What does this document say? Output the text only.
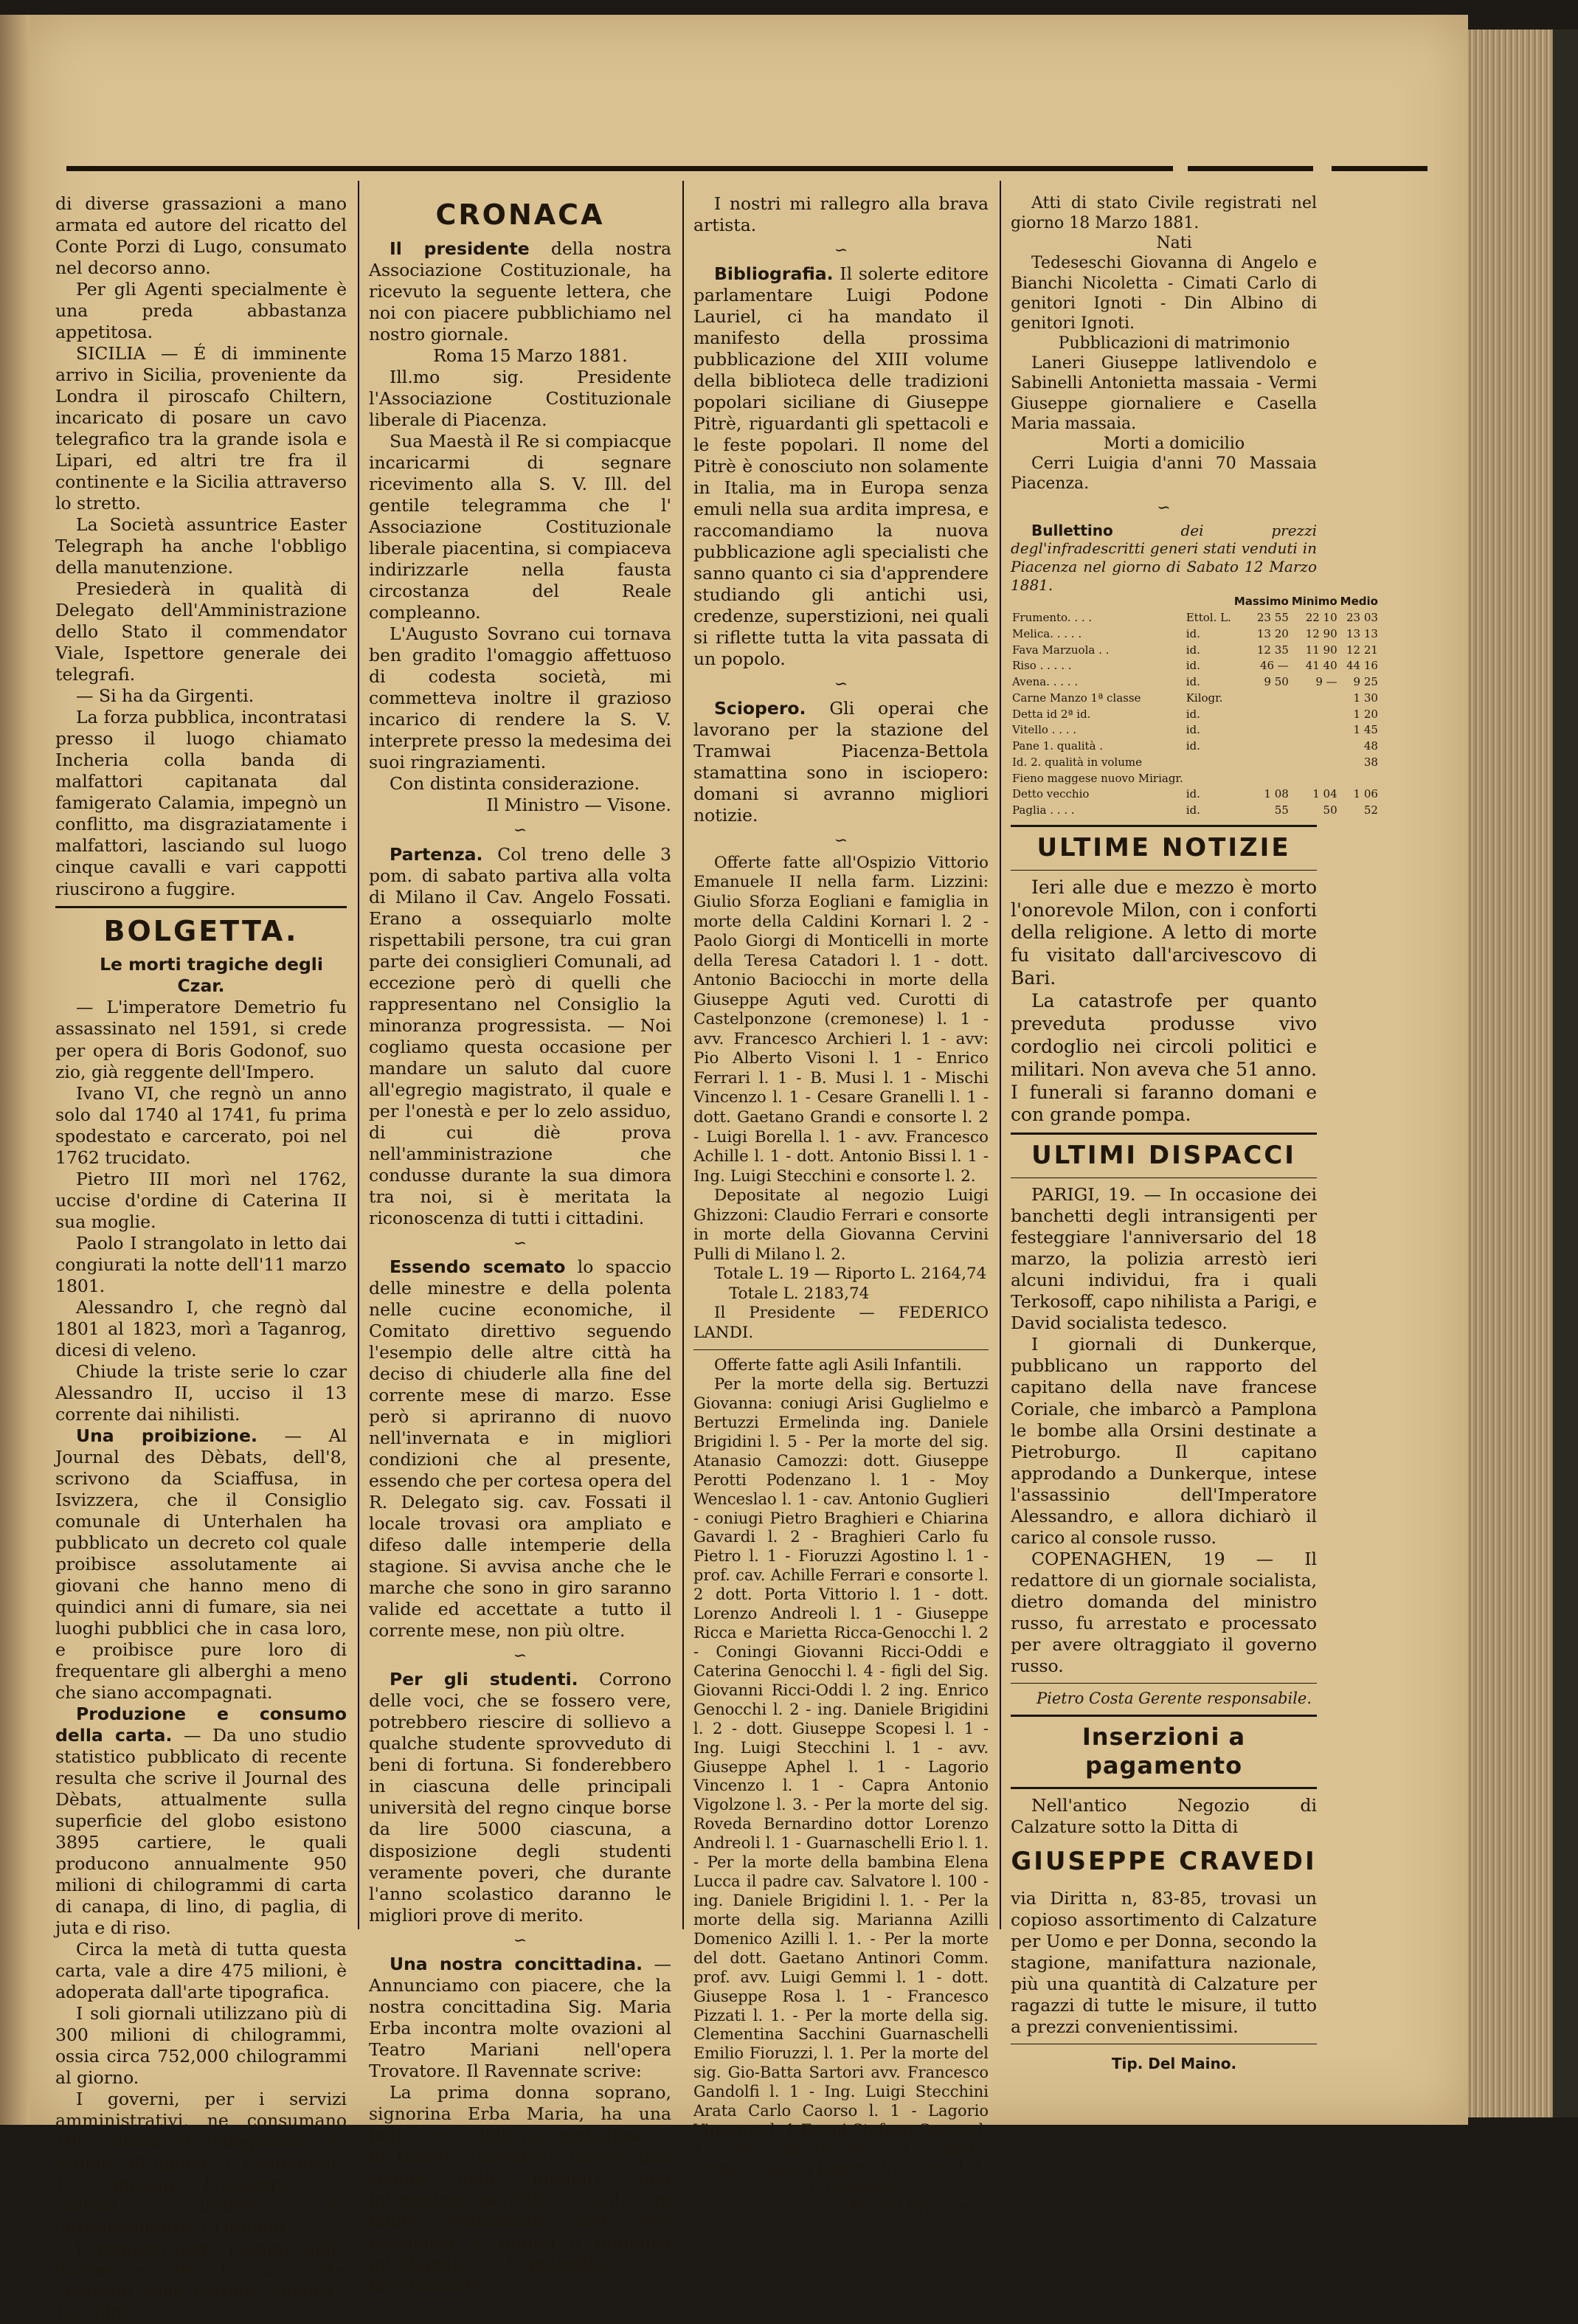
di diverse grassazioni a mano armata ed autore del ricatto del Conte Porzi di Lugo, consumato nel decorso anno.

Per gli Agenti specialmente è una preda abbastanza appetitosa.

SICILIA — É di imminente arrivo in Sicilia, proveniente da Londra il piroscafo Chiltern, incaricato di posare un cavo telegrafico tra la grande isola e Lipari, ed altri tre fra il continente e la Sicilia attraverso lo stretto.

La Società assuntrice Easter Telegraph ha anche l'obbligo della manutenzione.

Presiederà in qualità di Delegato dell'Amministrazione dello Stato il commendator Viale, Ispettore generale dei telegrafi.

— Si ha da Girgenti.

La forza pubblica, incontratasi presso il luogo chiamato Incheria colla banda di malfattori capitanata dal famigerato Calamia, impegnò un conflitto, ma disgraziatamente i malfattori, lasciando sul luogo cinque cavalli e vari cappotti riuscirono a fuggire.

BOLGETTA.

Le morti tragiche degli Czar.

— L'imperatore Demetrio fu assassinato nel 1591, si crede per opera di Boris Godonof, suo zio, già reggente dell'Impero.

Ivano VI, che regnò un anno solo dal 1740 al 1741, fu prima spodestato e carcerato, poi nel 1762 trucidato.

Pietro III morì nel 1762, uccise d'ordine di Caterina II sua moglie.

Paolo I strangolato in letto dai congiurati la notte dell'11 marzo 1801.

Alessandro I, che regnò dal 1801 al 1823, morì a Taganrog, dicesi di veleno.

Chiude la triste serie lo czar Alessandro II, ucciso il 13 corrente dai nihilisti.

Una proibizione. — Al Journal des Dèbats, dell'8, scrivono da Sciaffusa, in Isvizzera, che il Consiglio comunale di Unterhalen ha pubblicato un decreto col quale proibisce assolutamente ai giovani che hanno meno di quindici anni di fumare, sia nei luoghi pubblici che in casa loro, e proibisce pure loro di frequentare gli alberghi a meno che siano accompagnati.

Produzione e consumo della carta. — Da uno studio statistico pubblicato di recente resulta che scrive il Journal des Dèbats, attualmente sulla superficie del globo esistono 3895 cartiere, le quali producono annualmente 950 milioni di chilogrammi di carta di canapa, di lino, di paglia, di juta e di riso.

Circa la metà di tutta questa carta, vale a dire 475 milioni, è adoperata dall'arte tipografica.

I soli giornali utilizzano più di 300 milioni di chilogrammi, ossia circa 752,000 chilogrammi al giorno.

I governi, per i servizi amministrativi, ne consumano 100 milioni di chilogrammi; le scuole, 90 milioni; il commercio, 120 milioni; l'industria, 90 milioni, le lettere e le corrispondenze 50 milioni.

Il numero degli uomini, delle donne e dei fanciulli che lavorano nelle cartiere supera i 190,000.

CRONACA

Il presidente della nostra Associazione Costituzionale, ha ricevuto la seguente lettera, che noi con piacere pubblichiamo nel nostro giornale.

Roma 15 Marzo 1881.

Ill.mo sig. Presidente l'Associazione Costituzionale liberale di Piacenza.

Sua Maestà il Re si compiacque incaricarmi di segnare ricevimento alla S. V. Ill. del gentile telegramma che l' Associazione Costituzionale liberale piacentina, si compiaceva indirizzarle nella fausta circostanza del Reale compleanno.

L'Augusto Sovrano cui tornava ben gradito l'omaggio affettuoso di codesta società, mi commetteva inoltre il grazioso incarico di rendere la S. V. interprete presso la medesima dei suoi ringraziamenti.

Con distinta considerazione.

Il Ministro — Visone.

∽

Partenza. Col treno delle 3 pom. di sabato partiva alla volta di Milano il Cav. Angelo Fossati. Erano a ossequiarlo molte rispettabili persone, tra cui gran parte dei consiglieri Comunali, ad eccezione però di quelli che rappresentano nel Consiglio la minoranza progressista. — Noi cogliamo questa occasione per mandare un saluto dal cuore all'egregio magistrato, il quale e per l'onestà e per lo zelo assiduo, di cui diè prova nell'amministrazione che condusse durante la sua dimora tra noi, si è meritata la riconoscenza di tutti i cittadini.

∽

Essendo scemato lo spaccio delle minestre e della polenta nelle cucine economiche, il Comitato direttivo seguendo l'esempio delle altre città ha deciso di chiuderle alla fine del corrente mese di marzo. Esse però si apriranno di nuovo nell'invernata e in migliori condizioni che al presente, essendo che per cortesa opera del R. Delegato sig. cav. Fossati il locale trovasi ora ampliato e difeso dalle intemperie della stagione. Si avvisa anche che le marche che sono in giro saranno valide ed accettate a tutto il corrente mese, non più oltre.

∽

Per gli studenti. Corrono delle voci, che se fossero vere, potrebbero riescire di sollievo a qualche studente sprovveduto di beni di fortuna. Si fonderebbero in ciascuna delle principali università del regno cinque borse da lire 5000 ciascuna, a disposizione degli studenti veramente poveri, che durante l'anno scolastico daranno le migliori prove di merito.

∽

Una nostra concittadina. — Annunciamo con piacere, che la nostra concittadina Sig. Maria Erba incontra molte ovazioni al Teatro Mariani nell'opera Trovatore. Il Ravennate scrive:

La prima donna soprano, signorina Erba Maria, ha una bella voce, delicata, melodiosa, e di timbro simpatico; unisce una scuola delle migliori, una intonazione perfetta, e canta con molto sentimento, con vera coscienza; e quindi il pubblico intelligente l'applaudisce e meritamente.

I nostri mi rallegro alla brava artista.

∽

Bibliografia. Il solerte editore parlamentare Luigi Podone Lauriel, ci ha mandato il manifesto della prossima pubblicazione del XIII volume della biblioteca delle tradizioni popolari siciliane di Giuseppe Pitrè, riguardanti gli spettacoli e le feste popolari. Il nome del Pitrè è conosciuto non solamente in Italia, ma in Europa senza emuli nella sua ardita impresa, e raccomandiamo la nuova pubblicazione agli specialisti che sanno quanto ci sia d'apprendere studiando gli antichi usi, credenze, superstizioni, nei quali si riflette tutta la vita passata di un popolo.

∽

Sciopero. Gli operai che lavorano per la stazione del Tramwai Piacenza-Bettola stamattina sono in isciopero: domani si avranno migliori notizie.

∽

Offerte fatte all'Ospizio Vittorio Emanuele II nella farm. Lizzini: Giulio Sforza Eogliani e famiglia in morte della Caldini Kornari l. 2 - Paolo Giorgi di Monticelli in morte della Teresa Catadori l. 1 - dott. Antonio Baciocchi in morte della Giuseppe Aguti ved. Curotti di Castelponzone (cremonese) l. 1 - avv. Francesco Archieri l. 1 - avv: Pio Alberto Visoni l. 1 - Enrico Ferrari l. 1 - B. Musi l. 1 - Mischi Vincenzo l. 1 - Cesare Granelli l. 1 - dott. Gaetano Grandi e consorte l. 2 - Luigi Borella l. 1 - avv. Francesco Achille l. 1 - dott. Antonio Bissi l. 1 - Ing. Luigi Stecchini e consorte l. 2.

Depositate al negozio Luigi Ghizzoni: Claudio Ferrari e consorte in morte della Giovanna Cervini Pulli di Milano l. 2.

Totale L. 19 — Riporto L. 2164,74

Totale L. 2183,74

Il Presidente — FEDERICO LANDI.

Offerte fatte agli Asili Infantili.

Per la morte della sig. Bertuzzi Giovanna: coniugi Arisi Guglielmo e Bertuzzi Ermelinda ing. Daniele Brigidini l. 5 - Per la morte del sig. Atanasio Camozzi: dott. Giuseppe Perotti Podenzano l. 1 - Moy Wenceslao l. 1 - cav. Antonio Guglieri - coniugi Pietro Braghieri e Chiarina Gavardi l. 2 - Braghieri Carlo fu Pietro l. 1 - Fioruzzi Agostino l. 1 - prof. cav. Achille Ferrari e consorte l. 2 dott. Porta Vittorio l. 1 - dott. Lorenzo Andreoli l. 1 - Giuseppe Ricca e Marietta Ricca-Genocchi l. 2 - Coningi Giovanni Ricci-Oddi e Caterina Genocchi l. 4 - figli del Sig. Giovanni Ricci-Oddi l. 2 ing. Enrico Genocchi l. 2 - ing. Daniele Brigidini l. 2 - dott. Giuseppe Scopesi l. 1 - Ing. Luigi Stecchini l. 1 - avv. Giuseppe Aphel l. 1 - Lagorio Vincenzo l. 1 - Capra Antonio Vigolzone l. 3. - Per la morte del sig. Roveda Bernardino dottor Lorenzo Andreoli l. 1 - Guarnaschelli Erio l. 1. - Per la morte della bambina Elena Lucca il padre cav. Salvatore l. 100 - ing. Daniele Brigidini l. 1. - Per la morte della sig. Marianna Azilli Domenico Azilli l. 1. - Per la morte del dott. Gaetano Antinori Comm. prof. avv. Luigi Gemmi l. 1 - dott. Giuseppe Rosa l. 1 - Francesco Pizzati l. 1. - Per la morte della sig. Clementina Sacchini Guarnaschelli Emilio Fioruzzi, l. 1. Per la morte del sig. Gio-Batta Sartori avv. Francesco Gandolfi l. 1 - Ing. Luigi Stecchini Arata Carlo Caorso l. 1 - Lagorio Vincenzo l. 1 Fermi Stefano Caorso l. 1 - Per la morte della sig. Caterina Tornari Caldini Lagorio Vincenzo l. 1.

Il Cassiere

Pizzati Francesco

Atti di stato Civile registrati nel giorno 18 Marzo 1881.

Nati

Tedeseschi Giovanna di Angelo e Bianchi Nicoletta - Cimati Carlo di genitori Ignoti - Din Albino di genitori Ignoti.

Pubblicazioni di matrimonio

Laneri Giuseppe latlivendolo e Sabinelli Antonietta massaia - Vermi Giuseppe giornaliere e Casella Maria massaia.

Morti a domicilio

Cerri Luigia d'anni 70 Massaia Piacenza.

∽

Bullettino dei prezzi degl'infradescritti generi stati venduti in Piacenza nel giorno di Sabato 12 Marzo 1881.

		Massimo	Minimo	Medio
Frumento. . . .	Ettol. L.	23 55	22 10	23 03
Melica. . . . .	id.	13 20	12 90	13 13
Fava Marzuola . .	id.	12 35	11 90	12 21
Riso . . . . .	id.	46 —	41 40	44 16
Avena. . . . .	id.	9 50	9 —	9 25
Carne Manzo 1ª classe	Kilogr.			1 30
Detta id 2ª id.	id.			1 20
Vitello . . . .	id.			1 45
Pane 1. qualità .	id.			48
Id. 2. qualità in volume				38
Fieno maggese nuovo Miriagr.				
Detto vecchio	id.	1 08	1 04	1 06
Paglia . . . .	id.	55	50	52
ULTIME NOTIZIE

Ieri alle due e mezzo è morto l'onorevole Milon, con i conforti della religione. A letto di morte fu visitato dall'arcivescovo di Bari.

La catastrofe per quanto preveduta produsse vivo cordoglio nei circoli politici e militari. Non aveva che 51 anno. I funerali si faranno domani e con grande pompa.

ULTIMI DISPACCI

PARIGI, 19. — In occasione dei banchetti degli intransigenti per festeggiare l'anniversario del 18 marzo, la polizia arrestò ieri alcuni individui, fra i quali Terkosoff, capo nihilista a Parigi, e David socialista tedesco.

I giornali di Dunkerque, pubblicano un rapporto del capitano della nave francese Coriale, che imbarcò a Pamplona le bombe alla Orsini destinate a Pietroburgo. Il capitano approdando a Dunkerque, intese l'assassinio dell'Imperatore Alessandro, e allora dichiarò il carico al console russo.

COPENAGHEN, 19 — Il redattore di un giornale socialista, dietro domanda del ministro russo, fu arrestato e processato per avere oltraggiato il governo russo.

Pietro Costa Gerente responsabile.

Inserzioni a pagamento

Nell'antico Negozio di Calzature sotto la Ditta di

GIUSEPPE CRAVEDI

via Diritta n, 83-85, trovasi un copioso assortimento di Calzature per Uomo e per Donna, secondo la stagione, manifattura nazionale, più una quantità di Calzature per ragazzi di tutte le misure, il tutto a prezzi convenientissimi.

Tip. Del Maino.
